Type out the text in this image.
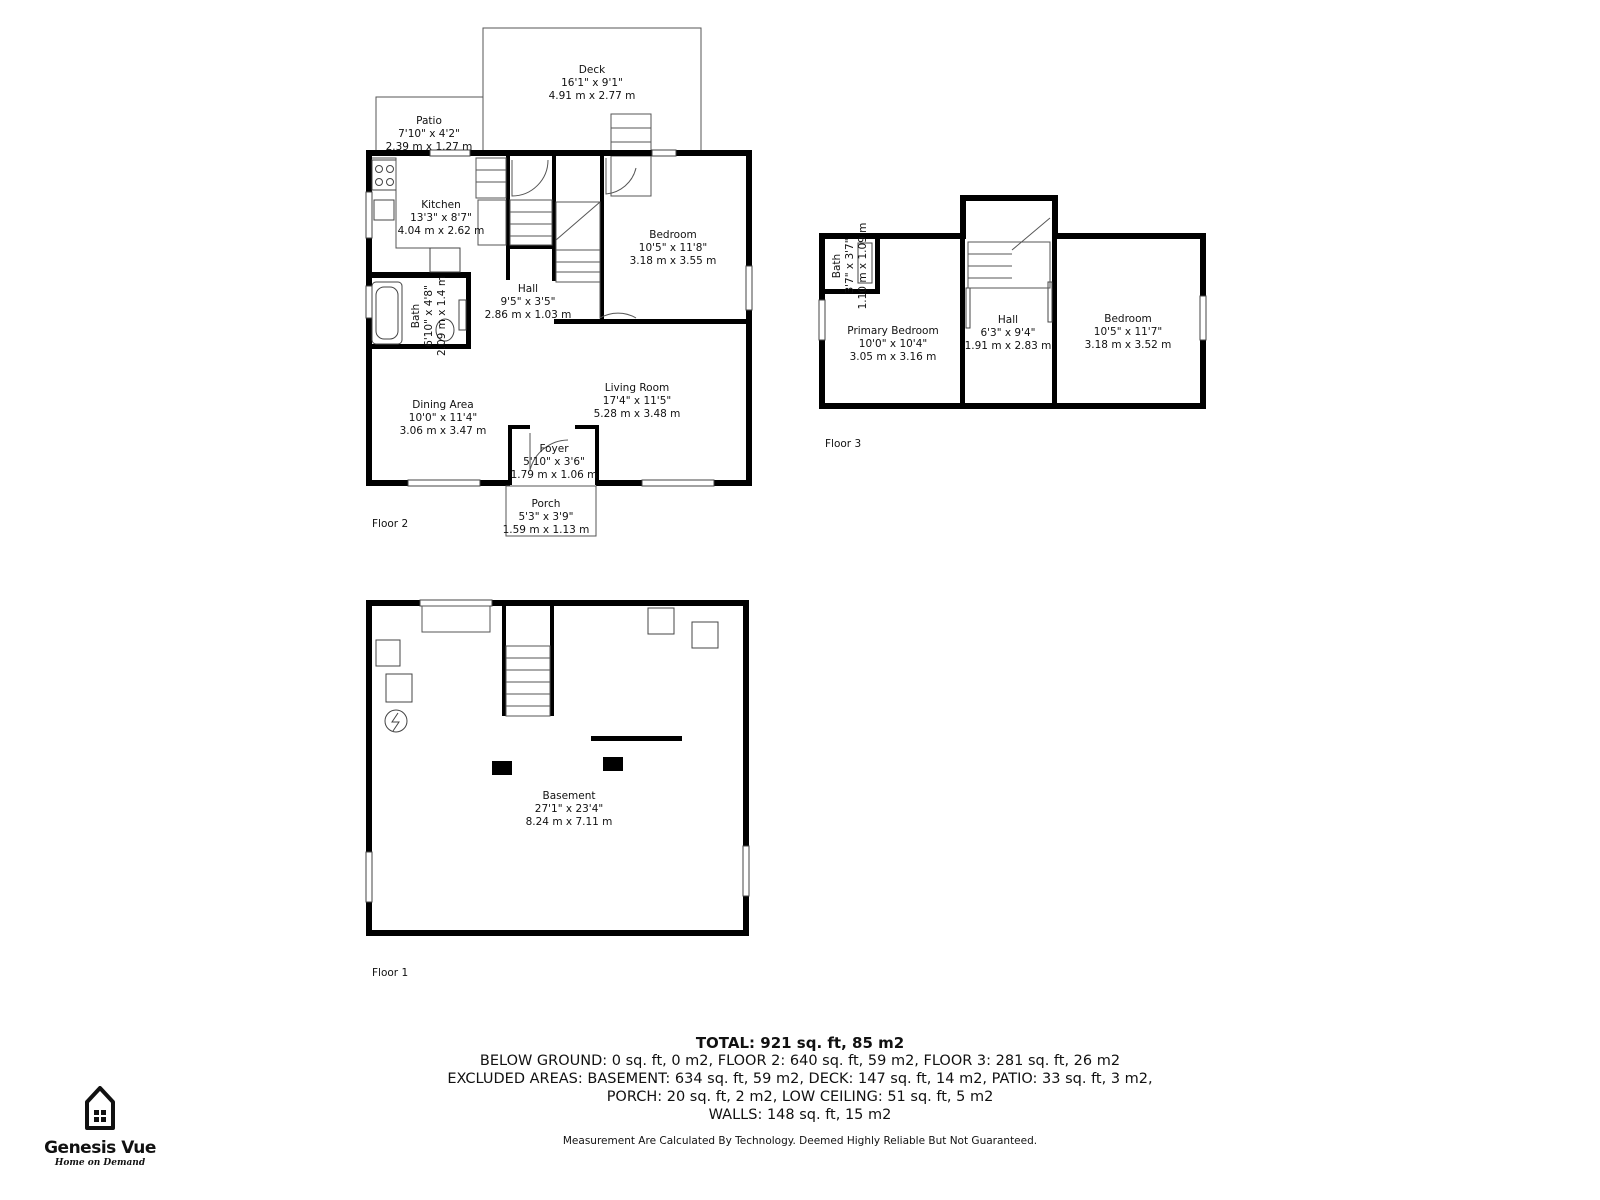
Deck
16'1" x 9'1"
4.91 m x 2.77 m
Patio
7'10" x 4'2"
2.39 m x 1.27 m
Kitchen
13'3" x 8'7"
4.04 m x 2.62 m	Bedroom
10'5" x 11'8"
3.18 m x 3.55 m
Hall
9'5" x 3'5"
2.86 m x 1.03 m
Bath 6'10" x 4'8" 2.09 m x 1.4 m
Dining Area
10'0" x 11'4"
3.06 m x 3.47 m
Living Room
17'4" x 11'5"
5.28 m x 3.48 m
Foyer
5'10" x 3'6"
1.79 m x 1.06 m
Porch
5'3" x 3'9"
1.59 m x 1.13 m
Floor 2
Bath 3'7" x 3'7" 1.10 m x 1.09 m
Primary Bedroom
10'0" x 10'4"
3.05 m x 3.16 m
Hall
6'3" x 9'4"
1.91 m x 2.83 m
Bedroom
10'5" x 11'7"
3.18 m x 3.52 m
Floor 3
Basement
27'1" x 23'4"
8.24 m x 7.11 m
Floor 1
TOTAL: 921 sq. ft, 85 m2
BELOW GROUND: 0 sq. ft, 0 m2, FLOOR 2: 640 sq. ft, 59 m2, FLOOR 3: 281 sq. ft, 26 m2
EXCLUDED AREAS: BASEMENT: 634 sq. ft, 59 m2, DECK: 147 sq. ft, 14 m2, PATIO: 33 sq. ft, 3 m2,
PORCH: 20 sq. ft, 2 m2, LOW CEILING: 51 sq. ft, 5 m2
WALLS: 148 sq. ft, 15 m2
Measurement Are Calculated By Technology. Deemed Highly Reliable But Not Guaranteed.
Genesis Vue
Home on Demand
